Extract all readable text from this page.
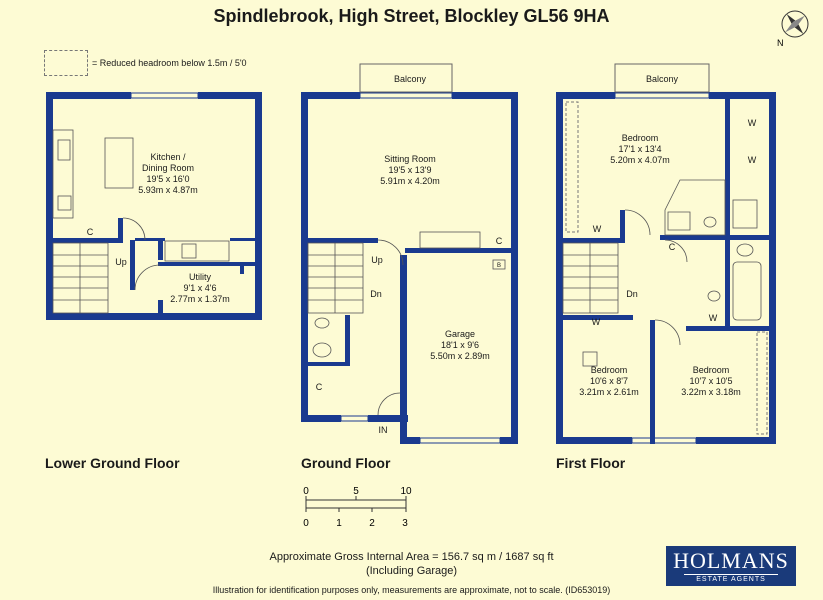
Spindlebrook, High Street, Blockley GL56 9HA
= Reduced headroom below 1.5m / 5'0
N
Kitchen /
Dining Room
19'5 x 16'0
5.93m x 4.87m
C
Up
Utility
9'1 x 4'6
2.77m x 1.37m
Balcony
Sitting Room
19'5 x 13'9
5.91m x 4.20m
Garage
18'1 x 9'6
5.50m x 2.89m
Up
Dn
C
C
B
IN
Balcony
Bedroom
17'1 x 13'4
5.20m x 4.07m
Bedroom
10'6 x 8'7
3.21m x 2.61m
Bedroom
10'7 x 10'5
3.22m x 3.18m
Dn
C
W
W
W
W	W
Lower Ground Floor	Ground Floor	First Floor
0	5	10
0	1	2	3
Approximate Gross Internal Area = 156.7 sq m / 1687 sq ft
(Including Garage)
Illustration for identification purposes only, measurements are approximate, not to scale. (ID653019)
HOLMANS
ESTATE AGENTS
